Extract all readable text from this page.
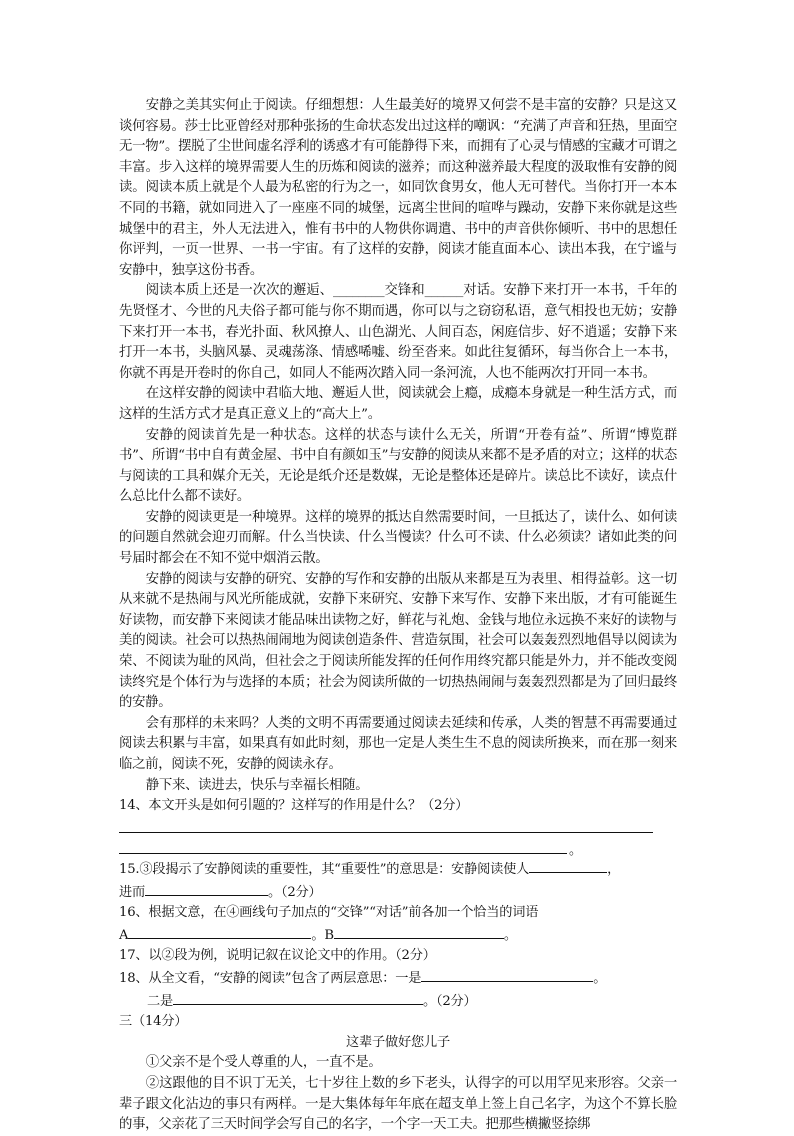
安静之美其实何止于阅读。仔细想想：人生最美好的境界又何尝不是丰富的安静？只是这又谈何容易。莎士比亚曾经对那种张扬的生命状态发出过这样的嘲讽：“充满了声音和狂热，里面空无一物”。摆脱了尘世间虚名浮利的诱惑才有可能静得下来，而拥有了心灵与情感的宝藏才可谓之丰富。步入这样的境界需要人生的历炼和阅读的滋养；而这种滋养最大程度的汲取惟有安静的阅读。阅读本质上就是个人最为私密的行为之一，如同饮食男女，他人无可替代。当你打开一本本不同的书籍，就如同进入了一座座不同的城堡，远离尘世间的喧哗与躁动，安静下来你就是这些城堡中的君主，外人无法进入，惟有书中的人物供你调遣、书中的声音供你倾听、书中的思想任你评判，一页一世界、一书一宇宙。有了这样的安静，阅读才能直面本心、读出本我，在宁谧与安静中，独享这份书香。

阅读本质上还是一次次的邂逅、________交锋和______对话。安静下来打开一本书，千年的先贤怪才、今世的凡夫俗子都可能与你不期而遇，你可以与之窃窃私语，意气相投也无妨；安静下来打开一本书，春光扑面、秋风撩人、山色湖光、人间百态，闲庭信步、好不逍遥；安静下来打开一本书，头脑风暴、灵魂荡涤、情感唏嘘、纷至沓来。如此往复循环，每当你合上一本书，你就不再是开卷时的你自己，如同人不能两次踏入同一条河流，人也不能两次打开同一本书。

在这样安静的阅读中君临大地、邂逅人世，阅读就会上瘾，成瘾本身就是一种生活方式，而这样的生活方式才是真正意义上的“高大上”。

安静的阅读首先是一种状态。这样的状态与读什么无关，所谓“开卷有益”、所谓“博览群书”、所谓“书中自有黄金屋、书中自有颜如玉”与安静的阅读从来都不是矛盾的对立；这样的状态与阅读的工具和媒介无关，无论是纸介还是数媒，无论是整体还是碎片。读总比不读好，读点什么总比什么都不读好。

安静的阅读更是一种境界。这样的境界的抵达自然需要时间，一旦抵达了，读什么、如何读的问题自然就会迎刃而解。什么当快读、什么当慢读？什么可不读、什么必须读？诸如此类的问号届时都会在不知不觉中烟消云散。

安静的阅读与安静的研究、安静的写作和安静的出版从来都是互为表里、相得益彰。这一切从来就不是热闹与风光所能成就，安静下来研究、安静下来写作、安静下来出版，才有可能诞生好读物，而安静下来阅读才能品味出读物之好，鲜花与礼炮、金钱与地位永远换不来好的读物与美的阅读。社会可以热热闹闹地为阅读创造条件、营造氛围，社会可以轰轰烈烈地倡导以阅读为荣、不阅读为耻的风尚，但社会之于阅读所能发挥的任何作用终究都只能是外力，并不能改变阅读终究是个体行为与选择的本质；社会为阅读所做的一切热热闹闹与轰轰烈烈都是为了回归最终的安静。

会有那样的未来吗？人类的文明不再需要通过阅读去延续和传承，人类的智慧不再需要通过阅读去积累与丰富，如果真有如此时刻，那也一定是人类生生不息的阅读所换来，而在那一刻来临之前，阅读不死，安静的阅读永存。

静下来、读进去，快乐与幸福长相随。

14、本文开头是如何引题的？这样写的作用是什么？（2分）

。

15.③段揭示了安静阅读的重要性，其“重要性”的意思是：安静阅读使人	，

进而	。（2分）

16、根据文意，在④画线句子加点的“交锋”“对话”前各加一个恰当的词语

A	。B	。

17、以②段为例，说明记叙在议论文中的作用。（2分）

18、从全文看，“安静的阅读”包含了两层意思：一是	。

二是	。（2分）

三（14分）

这辈子做好您儿子

①父亲不是个受人尊重的人，一直不是。

②这跟他的目不识丁无关，七十岁往上数的乡下老头，认得字的可以用罕见来形容。父亲一辈子跟文化沾边的事只有两样。一是大集体每年年底在超支单上签上自己名字，为这个不算长脸的事，父亲花了三天时间学会写自己的名字，一个字一天工夫。把那些横撇竖捺绑
